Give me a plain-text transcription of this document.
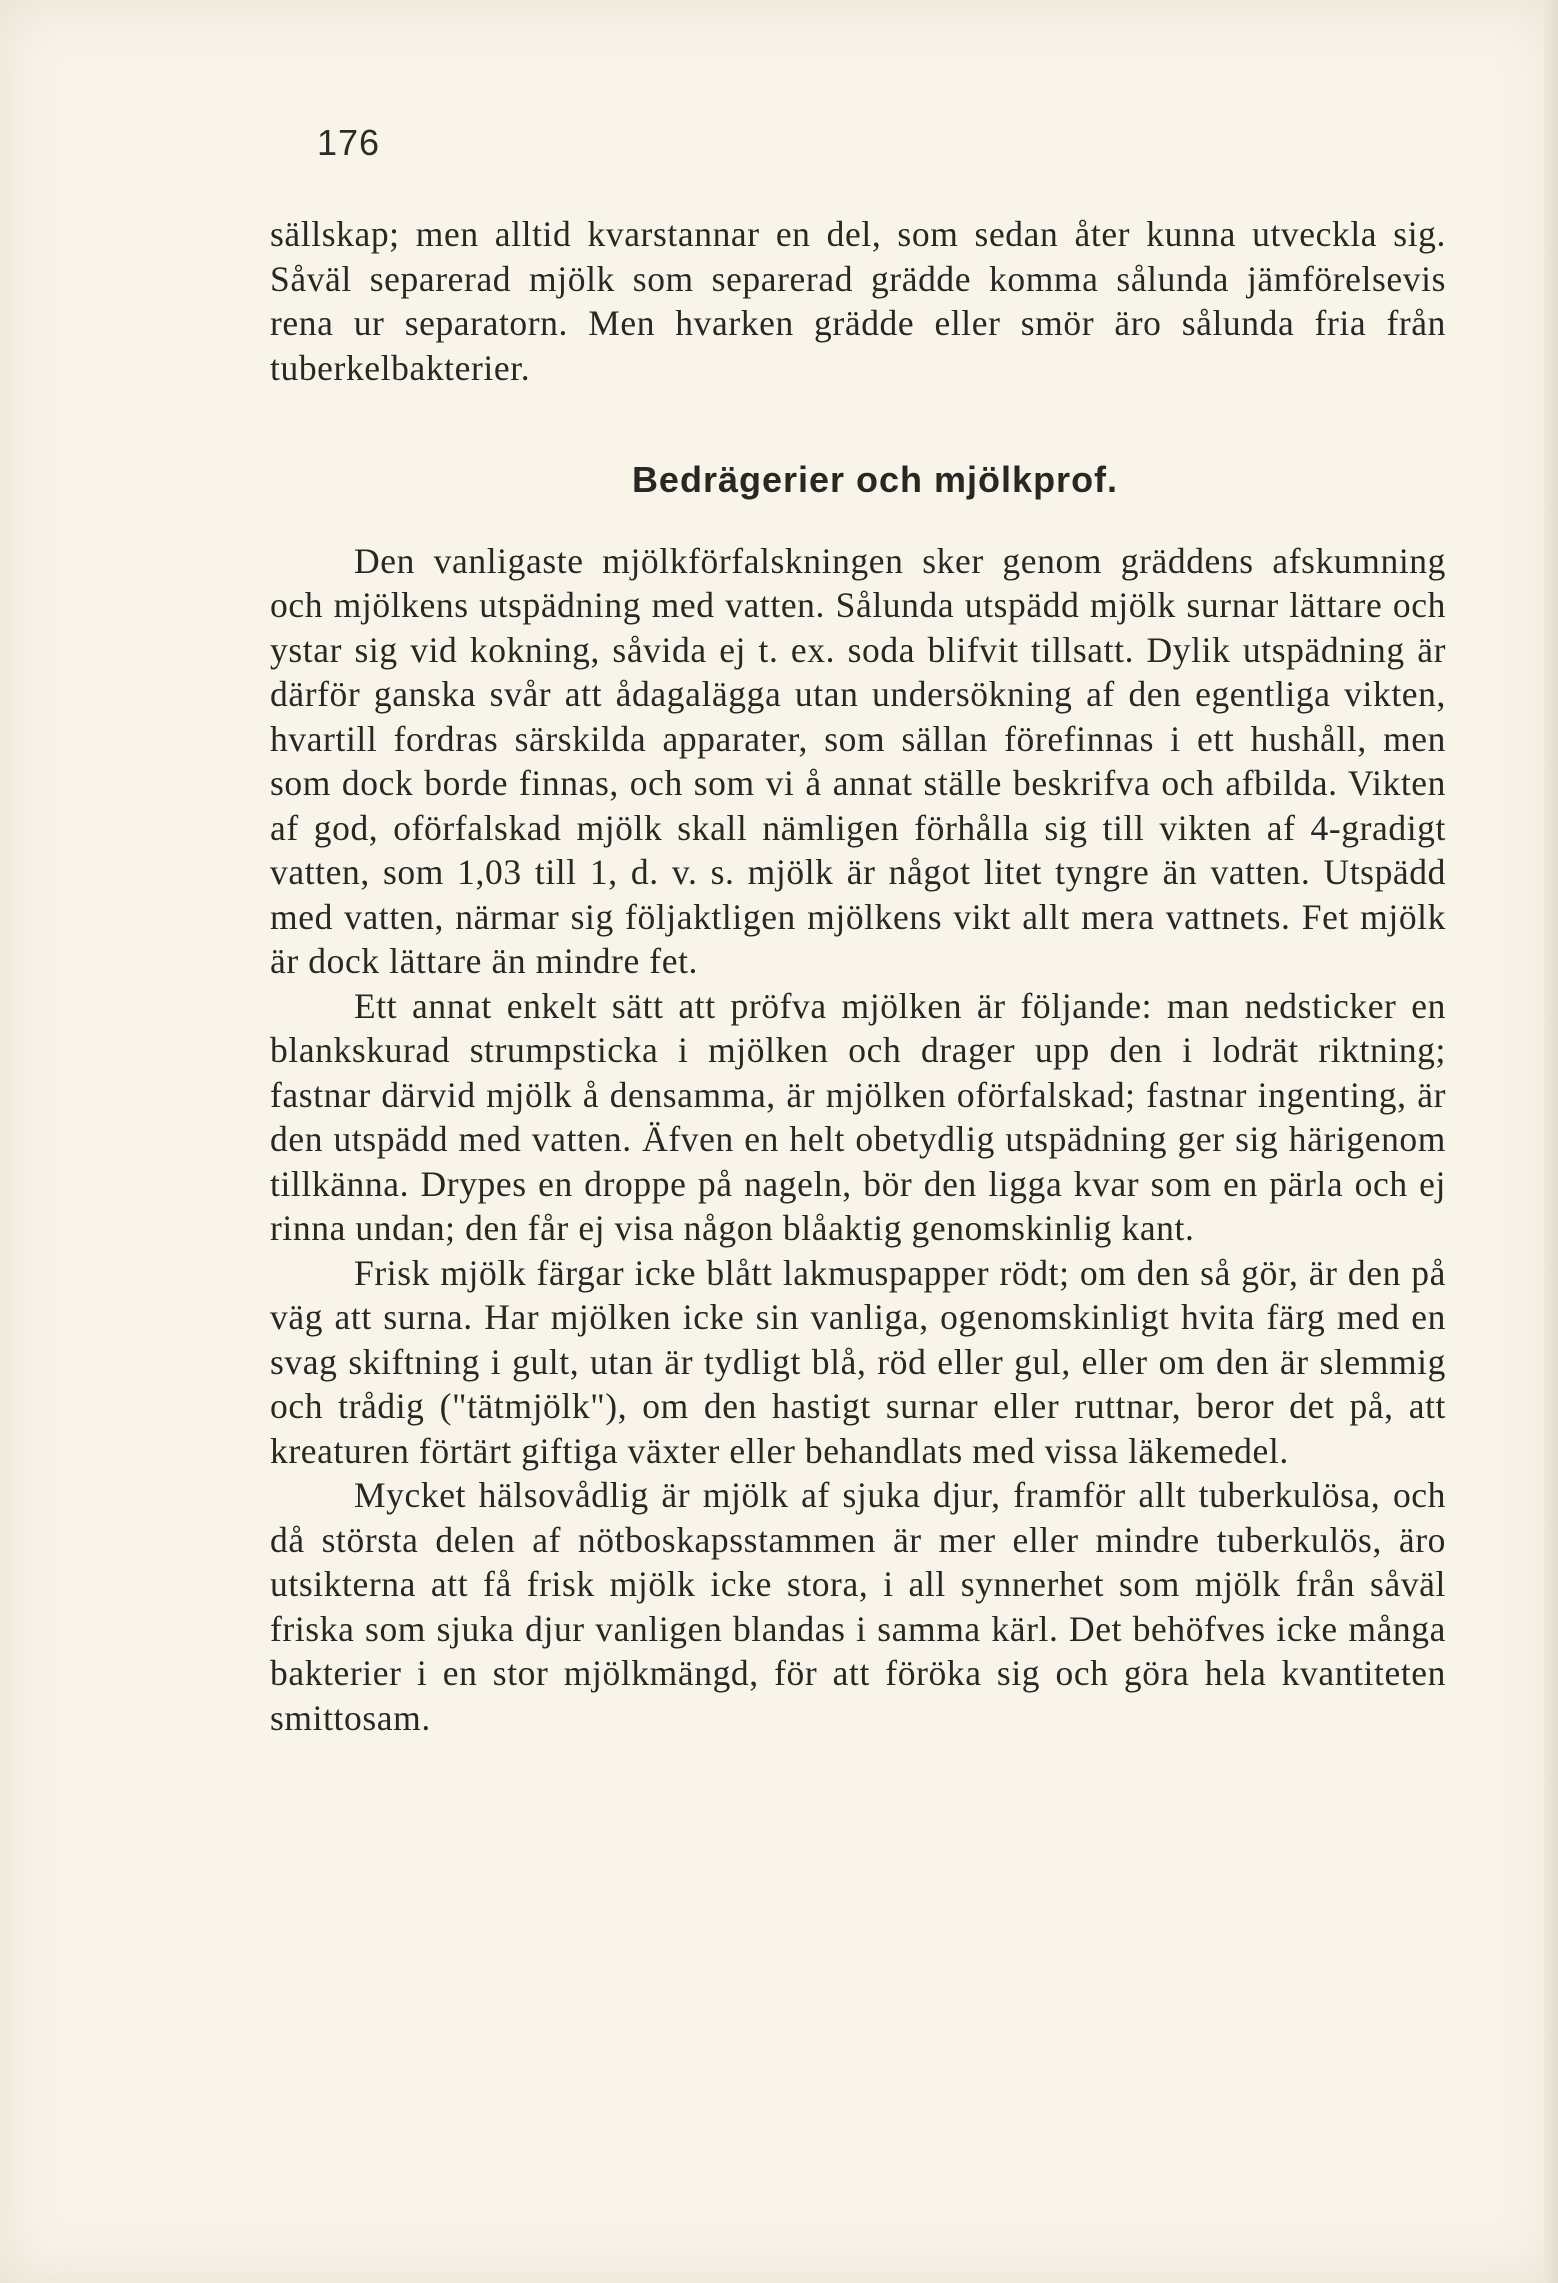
176

sällskap; men alltid kvarstannar en del, som sedan åter kunna utveckla sig. Såväl separerad mjölk som separerad grädde komma sålunda jämförelsevis rena ur separatorn. Men hvarken grädde eller smör äro sålunda fria från tuberkelbakterier.

Bedrägerier och mjölkprof.

Den vanligaste mjölkförfalskningen sker genom gräddens afskumning och mjölkens utspädning med vatten. Sålunda utspädd mjölk surnar lättare och ystar sig vid kokning, såvida ej t. ex. soda blifvit tillsatt. Dylik utspädning är därför ganska svår att ådagalägga utan undersökning af den egentliga vikten, hvartill fordras särskilda apparater, som sällan förefinnas i ett hushåll, men som dock borde finnas, och som vi å annat ställe beskrifva och afbilda. Vikten af god, oförfalskad mjölk skall nämligen förhålla sig till vikten af 4-gradigt vatten, som 1,03 till 1, d. v. s. mjölk är något litet tyngre än vatten. Utspädd med vatten, närmar sig följaktligen mjölkens vikt allt mera vattnets. Fet mjölk är dock lättare än mindre fet.

Ett annat enkelt sätt att pröfva mjölken är följande: man nedsticker en blankskurad strumpsticka i mjölken och drager upp den i lodrät riktning; fastnar därvid mjölk å densamma, är mjölken oförfalskad; fastnar ingenting, är den utspädd med vatten. Äfven en helt obetydlig utspädning ger sig härigenom tillkänna. Drypes en droppe på nageln, bör den ligga kvar som en pärla och ej rinna undan; den får ej visa någon blåaktig genomskinlig kant.

Frisk mjölk färgar icke blått lakmuspapper rödt; om den så gör, är den på väg att surna. Har mjölken icke sin vanliga, ogenomskinligt hvita färg med en svag skiftning i gult, utan är tydligt blå, röd eller gul, eller om den är slemmig och trådig ("tätmjölk"), om den hastigt surnar eller ruttnar, beror det på, att kreaturen förtärt giftiga växter eller behandlats med vissa läkemedel.

Mycket hälsovådlig är mjölk af sjuka djur, framför allt tuberkulösa, och då största delen af nötboskapsstammen är mer eller mindre tuberkulös, äro utsikterna att få frisk mjölk icke stora, i all synnerhet som mjölk från såväl friska som sjuka djur vanligen blandas i samma kärl. Det behöfves icke många bakterier i en stor mjölkmängd, för att föröka sig och göra hela kvantiteten smittosam.
